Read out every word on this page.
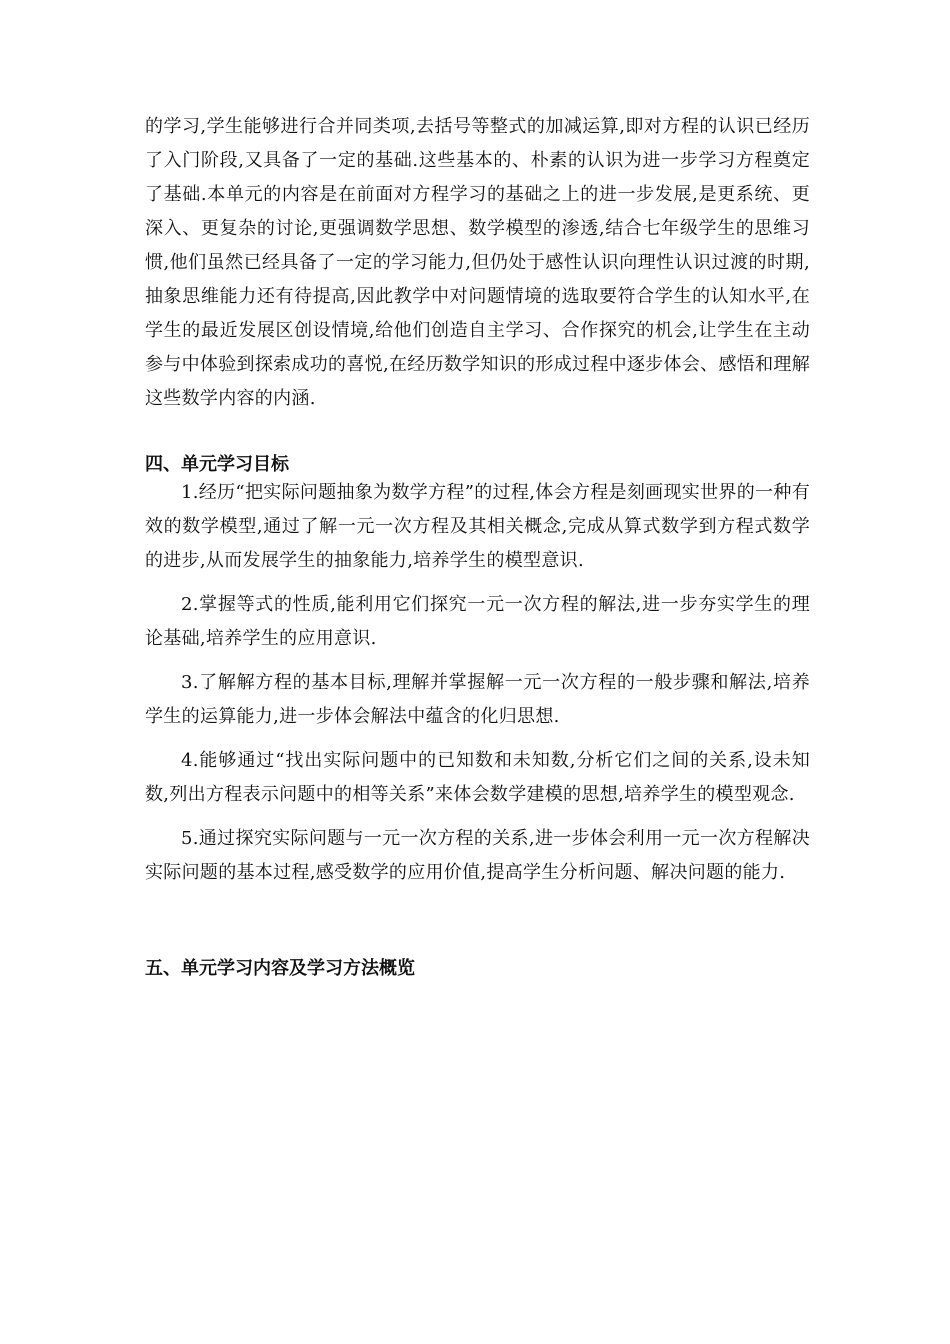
的学习,学生能够进行合并同类项,去括号等整式的加减运算,即对方程的认识已经历了入门阶段,又具备了一定的基础.这些基本的、朴素的认识为进一步学习方程奠定了基础.本单元的内容是在前面对方程学习的基础之上的进一步发展,是更系统、更深入、更复杂的讨论,更强调数学思想、数学模型的渗透,结合七年级学生的思维习惯,他们虽然已经具备了一定的学习能力,但仍处于感性认识向理性认识过渡的时期,抽象思维能力还有待提高,因此教学中对问题情境的选取要符合学生的认知水平,在学生的最近发展区创设情境,给他们创造自主学习、合作探究的机会,让学生在主动参与中体验到探索成功的喜悦,在经历数学知识的形成过程中逐步体会、感悟和理解这些数学内容的内涵.

四、单元学习目标

1.经历“把实际问题抽象为数学方程”的过程,体会方程是刻画现实世界的一种有效的数学模型,通过了解一元一次方程及其相关概念,完成从算式数学到方程式数学的进步,从而发展学生的抽象能力,培养学生的模型意识.

2.掌握等式的性质,能利用它们探究一元一次方程的解法,进一步夯实学生的理论基础,培养学生的应用意识.

3.了解解方程的基本目标,理解并掌握解一元一次方程的一般步骤和解法,培养学生的运算能力,进一步体会解法中蕴含的化归思想.

4.能够通过“找出实际问题中的已知数和未知数,分析它们之间的关系,设未知数,列出方程表示问题中的相等关系”来体会数学建模的思想,培养学生的模型观念.

5.通过探究实际问题与一元一次方程的关系,进一步体会利用一元一次方程解决实际问题的基本过程,感受数学的应用价值,提高学生分析问题、解决问题的能力.

五、单元学习内容及学习方法概览
